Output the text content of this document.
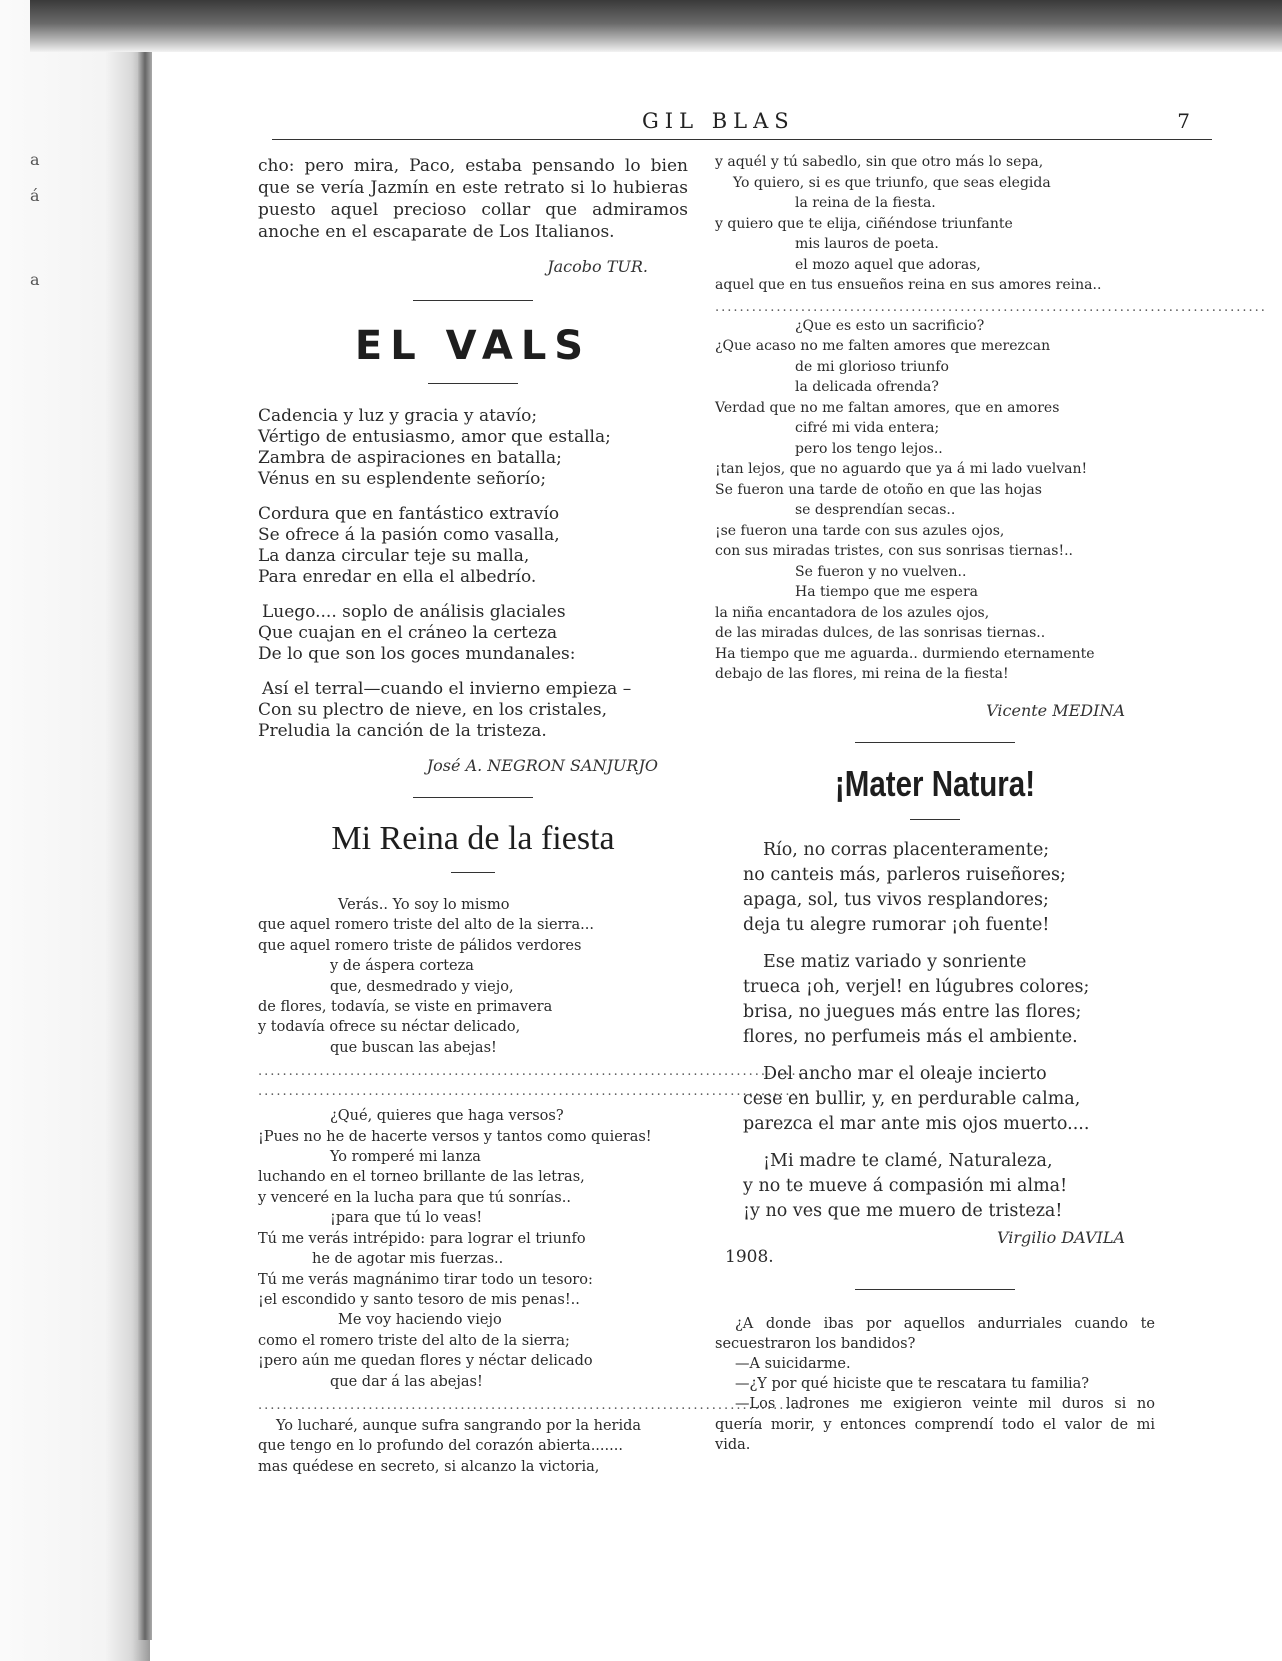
a
á
a
GIL BLAS	7

cho: pero mira, Paco, estaba pensando lo bien que se vería Jazmín en este retrato si lo hubieras puesto aquel precioso collar que admiramos anoche en el escaparate de Los Italianos.

Jacobo TUR.
EL VALS
Cadencia y luz y gracia y atavío;
Vértigo de entusiasmo, amor que estalla;
Zambra de aspiraciones en batalla;
Vénus en su esplendente señorío;
Cordura que en fantástico extravío
Se ofrece á la pasión como vasalla,
La danza circular teje su malla,
Para enredar en ella el albedrío.
Luego.... soplo de análisis glaciales
Que cuajan en el cráneo la certeza
De lo que son los goces mundanales:
Así el terral—cuando el invierno empieza –
Con su plectro de nieve, en los cristales,
Preludia la canción de la tristeza.
José A. NEGRON SANJURJO
Mi Reina de la fiesta
Verás.. Yo soy lo mismo
que aquel romero triste del alto de la sierra...
que aquel romero triste de pálidos verdores
y de áspera corteza
que, desmedrado y viejo,
de flores, todavía, se viste en primavera
y todavía ofrece su néctar delicado,
que buscan las abejas!
..........................................................................................
..........................................................................................
¿Qué, quieres que haga versos?
¡Pues no he de hacerte versos y tantos como quieras!
Yo romperé mi lanza
luchando en el torneo brillante de las letras,
y venceré en la lucha para que tú sonrías..
¡para que tú lo veas!
Tú me verás intrépido: para lograr el triunfo
he de agotar mis fuerzas..
Tú me verás magnánimo tirar todo un tesoro:
¡el escondido y santo tesoro de mis penas!..
Me voy haciendo viejo
como el romero triste del alto de la sierra;
¡pero aún me quedan flores y néctar delicado
que dar á las abejas!
..........................................................................................
Yo lucharé, aunque sufra sangrando por la herida
que tengo en lo profundo del corazón abierta.......
mas quédese en secreto, si alcanzo la victoria,
y aquél y tú sabedlo, sin que otro más lo sepa,
Yo quiero, si es que triunfo, que seas elegida
la reina de la fiesta.
y quiero que te elija, ciñéndose triunfante
mis lauros de poeta.
el mozo aquel que adoras,
aquel que en tus ensueños reina en sus amores reina..
..........................................................................................
¿Que es esto un sacrificio?
¿Que acaso no me falten amores que merezcan
de mi glorioso triunfo
la delicada ofrenda?
Verdad que no me faltan amores, que en amores
cifré mi vida entera;
pero los tengo lejos..
¡tan lejos, que no aguardo que ya á mi lado vuelvan!
Se fueron una tarde de otoño en que las hojas
se desprendían secas..
¡se fueron una tarde con sus azules ojos,
con sus miradas tristes, con sus sonrisas tiernas!..
Se fueron y no vuelven..
Ha tiempo que me espera
la niña encantadora de los azules ojos,
de las miradas dulces, de las sonrisas tiernas..
Ha tiempo que me aguarda.. durmiendo eternamente
debajo de las flores, mi reina de la fiesta!
Vicente MEDINA
¡Mater Natura!
Río, no corras placenteramente;
no canteis más, parleros ruiseñores;
apaga, sol, tus vivos resplandores;
deja tu alegre rumorar ¡oh fuente!
Ese matiz variado y sonriente
trueca ¡oh, verjel! en lúgubres colores;
brisa, no juegues más entre las flores;
flores, no perfumeis más el ambiente.
Del ancho mar el oleaje incierto
cese en bullir, y, en perdurable calma,
parezca el mar ante mis ojos muerto....
¡Mi madre te clamé, Naturaleza,
y no te mueve á compasión mi alma!
¡y no ves que me muero de tristeza!
Virgilio DAVILA
1908.

¿A donde ibas por aquellos andurriales cuando te secuestraron los bandidos?

—A suicidarme.

—¿Y por qué hiciste que te rescatara tu familia?

—Los ladrones me exigieron veinte mil duros si no quería morir, y entonces comprendí todo el valor de mi vida.
